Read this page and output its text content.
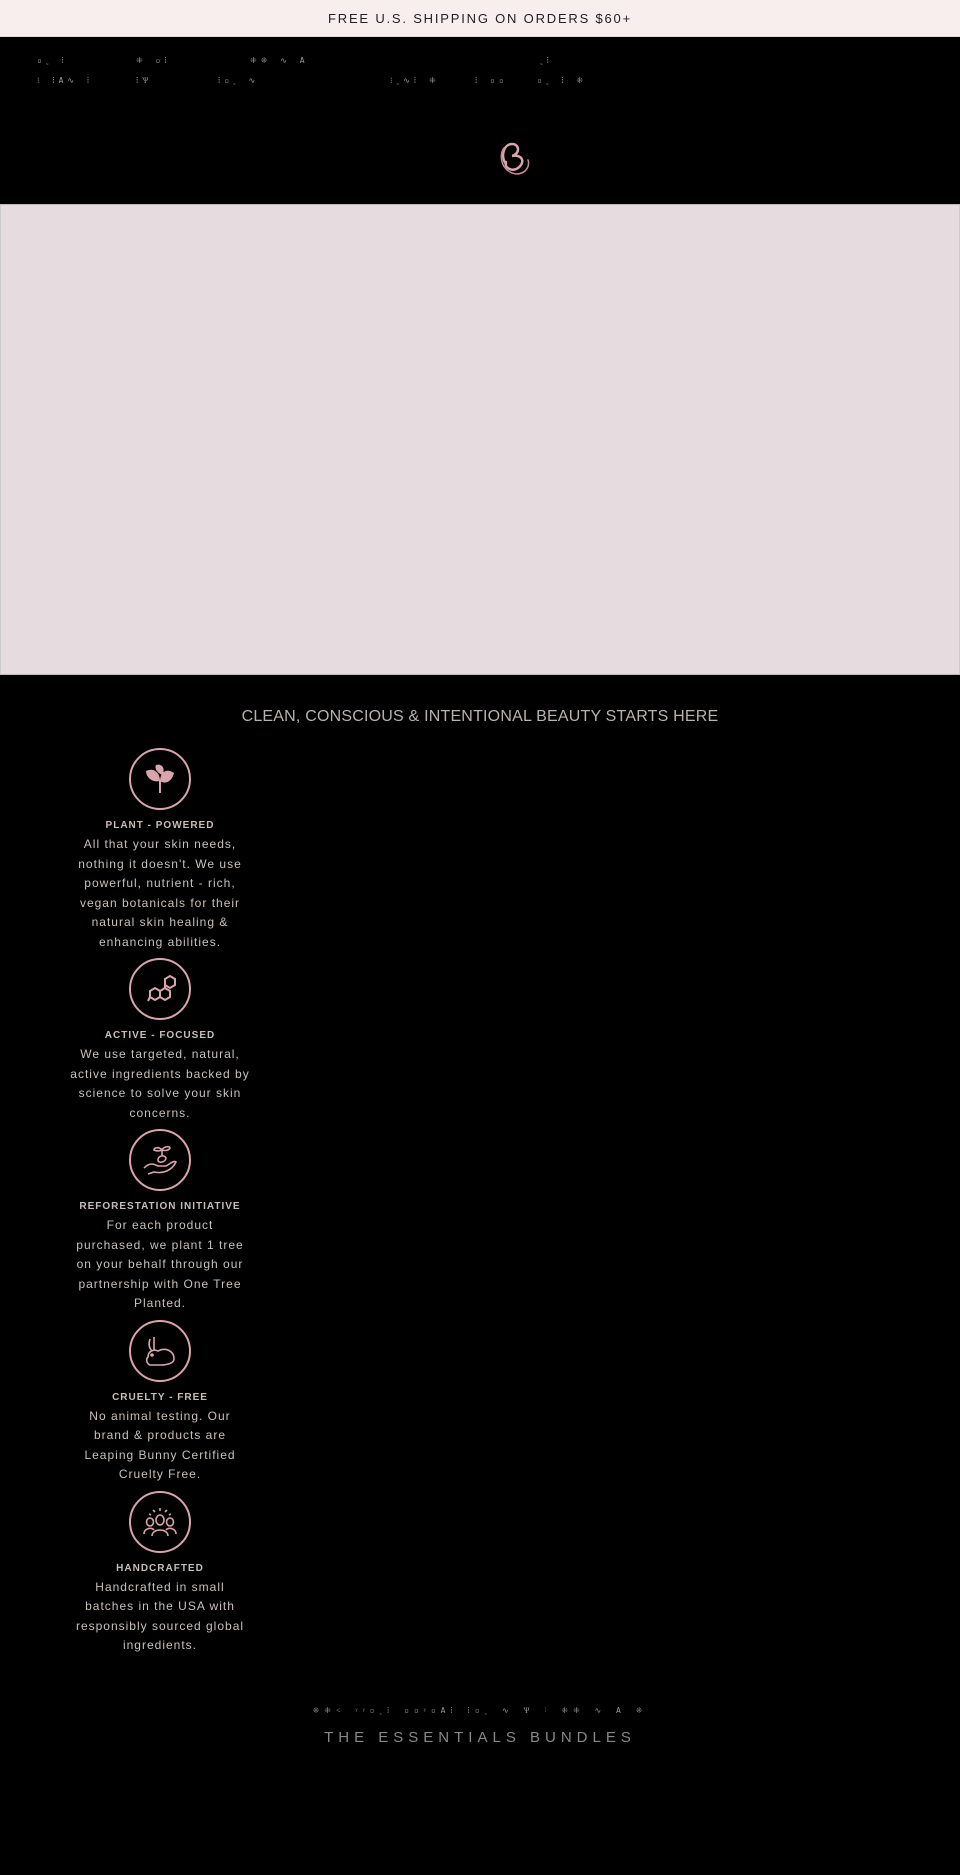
FREE U.S. SHIPPING ON ORDERS $60+
▫˷ ⁞
⁝ ⁞A∿ ⁞
⁜ ▫⁞
⁞Ѱ
⁜⁜ ∿ A
⁞▫˷ ∿	⁝˷∿⁞ ⁜	⁞ ▫▫
˷⁞
▫˷ ⁞ ⁜
CLEAN, CONSCIOUS & INTENTIONAL BEAUTY STARTS HERE
PLANT - POWERED
All that your skin needs, nothing it doesn't. We use powerful, nutrient - rich, vegan botanicals for their natural skin healing & enhancing abilities.
ACTIVE - FOCUSED
We use targeted, natural, active ingredients backed by science to solve your skin concerns.
REFORESTATION INITIATIVE
For each product purchased, we plant 1 tree on your behalf through our partnership with One Tree Planted.
CRUELTY - FREE
No animal testing. Our brand & products are Leaping Bunny Certified Cruelty Free.
HANDCRAFTED
Handcrafted in small batches in the USA with responsibly sourced global ingredients.
⁜⁜˂ ᵞᵞ▫˷⁞ ▫▫ᵞ▫A⁞ ⁞▫˷ ∿ Ѱ ˸ ⁜⁜ ∿ A ⁜
THE ESSENTIALS BUNDLES
